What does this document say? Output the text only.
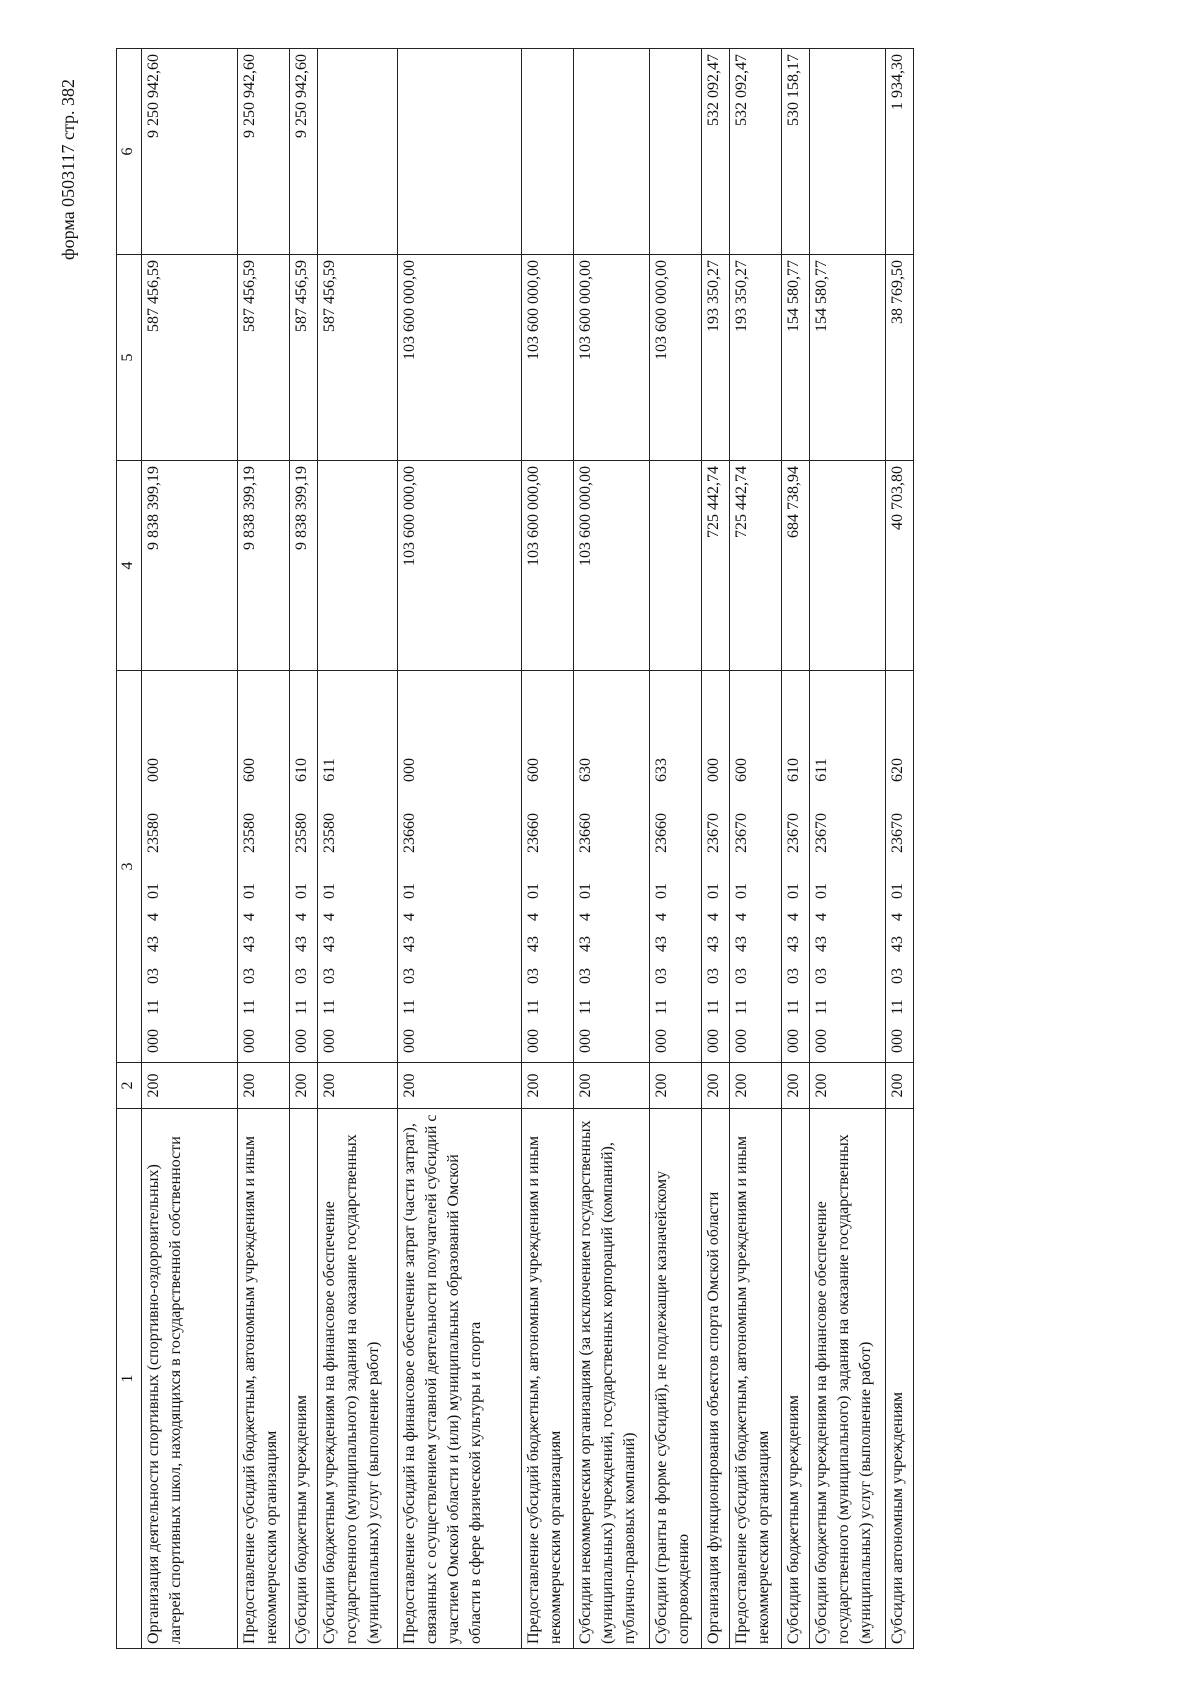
форма 0503117 стр. 382
1	2	3	4	5	6
Организация деятельности спортивных (спортивно-оздоровительных) лагерей спортивных школ, находящихся в государственной собственности	200	00011034340123580000	9 838 399,19	587 456,59	9 250 942,60
Предоставление субсидий бюджетным, автономным учреждениям и иным некоммерческим организациям	200	00011034340123580600	9 838 399,19	587 456,59	9 250 942,60
Субсидии бюджетным учреждениям	200	00011034340123580610	9 838 399,19	587 456,59	9 250 942,60
Субсидии бюджетным учреждениям на финансовое обеспечение государственного (муниципального) задания на оказание государственных (муниципальных) услуг (выполнение работ)	200	00011034340123580611		587 456,59	
Предоставление субсидий на финансовое обеспечение затрат (части затрат), связанных с осуществлением уставной деятельности получателей субсидий с участием Омской области и (или) муниципальных образований Омской области в сфере физической культуры и спорта	200	00011034340123660000	103 600 000,00	103 600 000,00	
Предоставление субсидий бюджетным, автономным учреждениям и иным некоммерческим организациям	200	00011034340123660600	103 600 000,00	103 600 000,00	
Субсидии некоммерческим организациям (за исключением государственных (муниципальных) учреждений, государственных корпораций (компаний), публично-правовых компаний)	200	00011034340123660630	103 600 000,00	103 600 000,00	
Субсидии (гранты в форме субсидий), не подлежащие казначейскому сопровождению	200	00011034340123660633		103 600 000,00	
Организация функционирования объектов спорта Омской области	200	00011034340123670000	725 442,74	193 350,27	532 092,47
Предоставление субсидий бюджетным, автономным учреждениям и иным некоммерческим организациям	200	00011034340123670600	725 442,74	193 350,27	532 092,47
Субсидии бюджетным учреждениям	200	00011034340123670610	684 738,94	154 580,77	530 158,17
Субсидии бюджетным учреждениям на финансовое обеспечение государственного (муниципального) задания на оказание государственных (муниципальных) услуг (выполнение работ)	200	00011034340123670611		154 580,77	
Субсидии автономным учреждениям	200	00011034340123670620	40 703,80	38 769,50	1 934,30
